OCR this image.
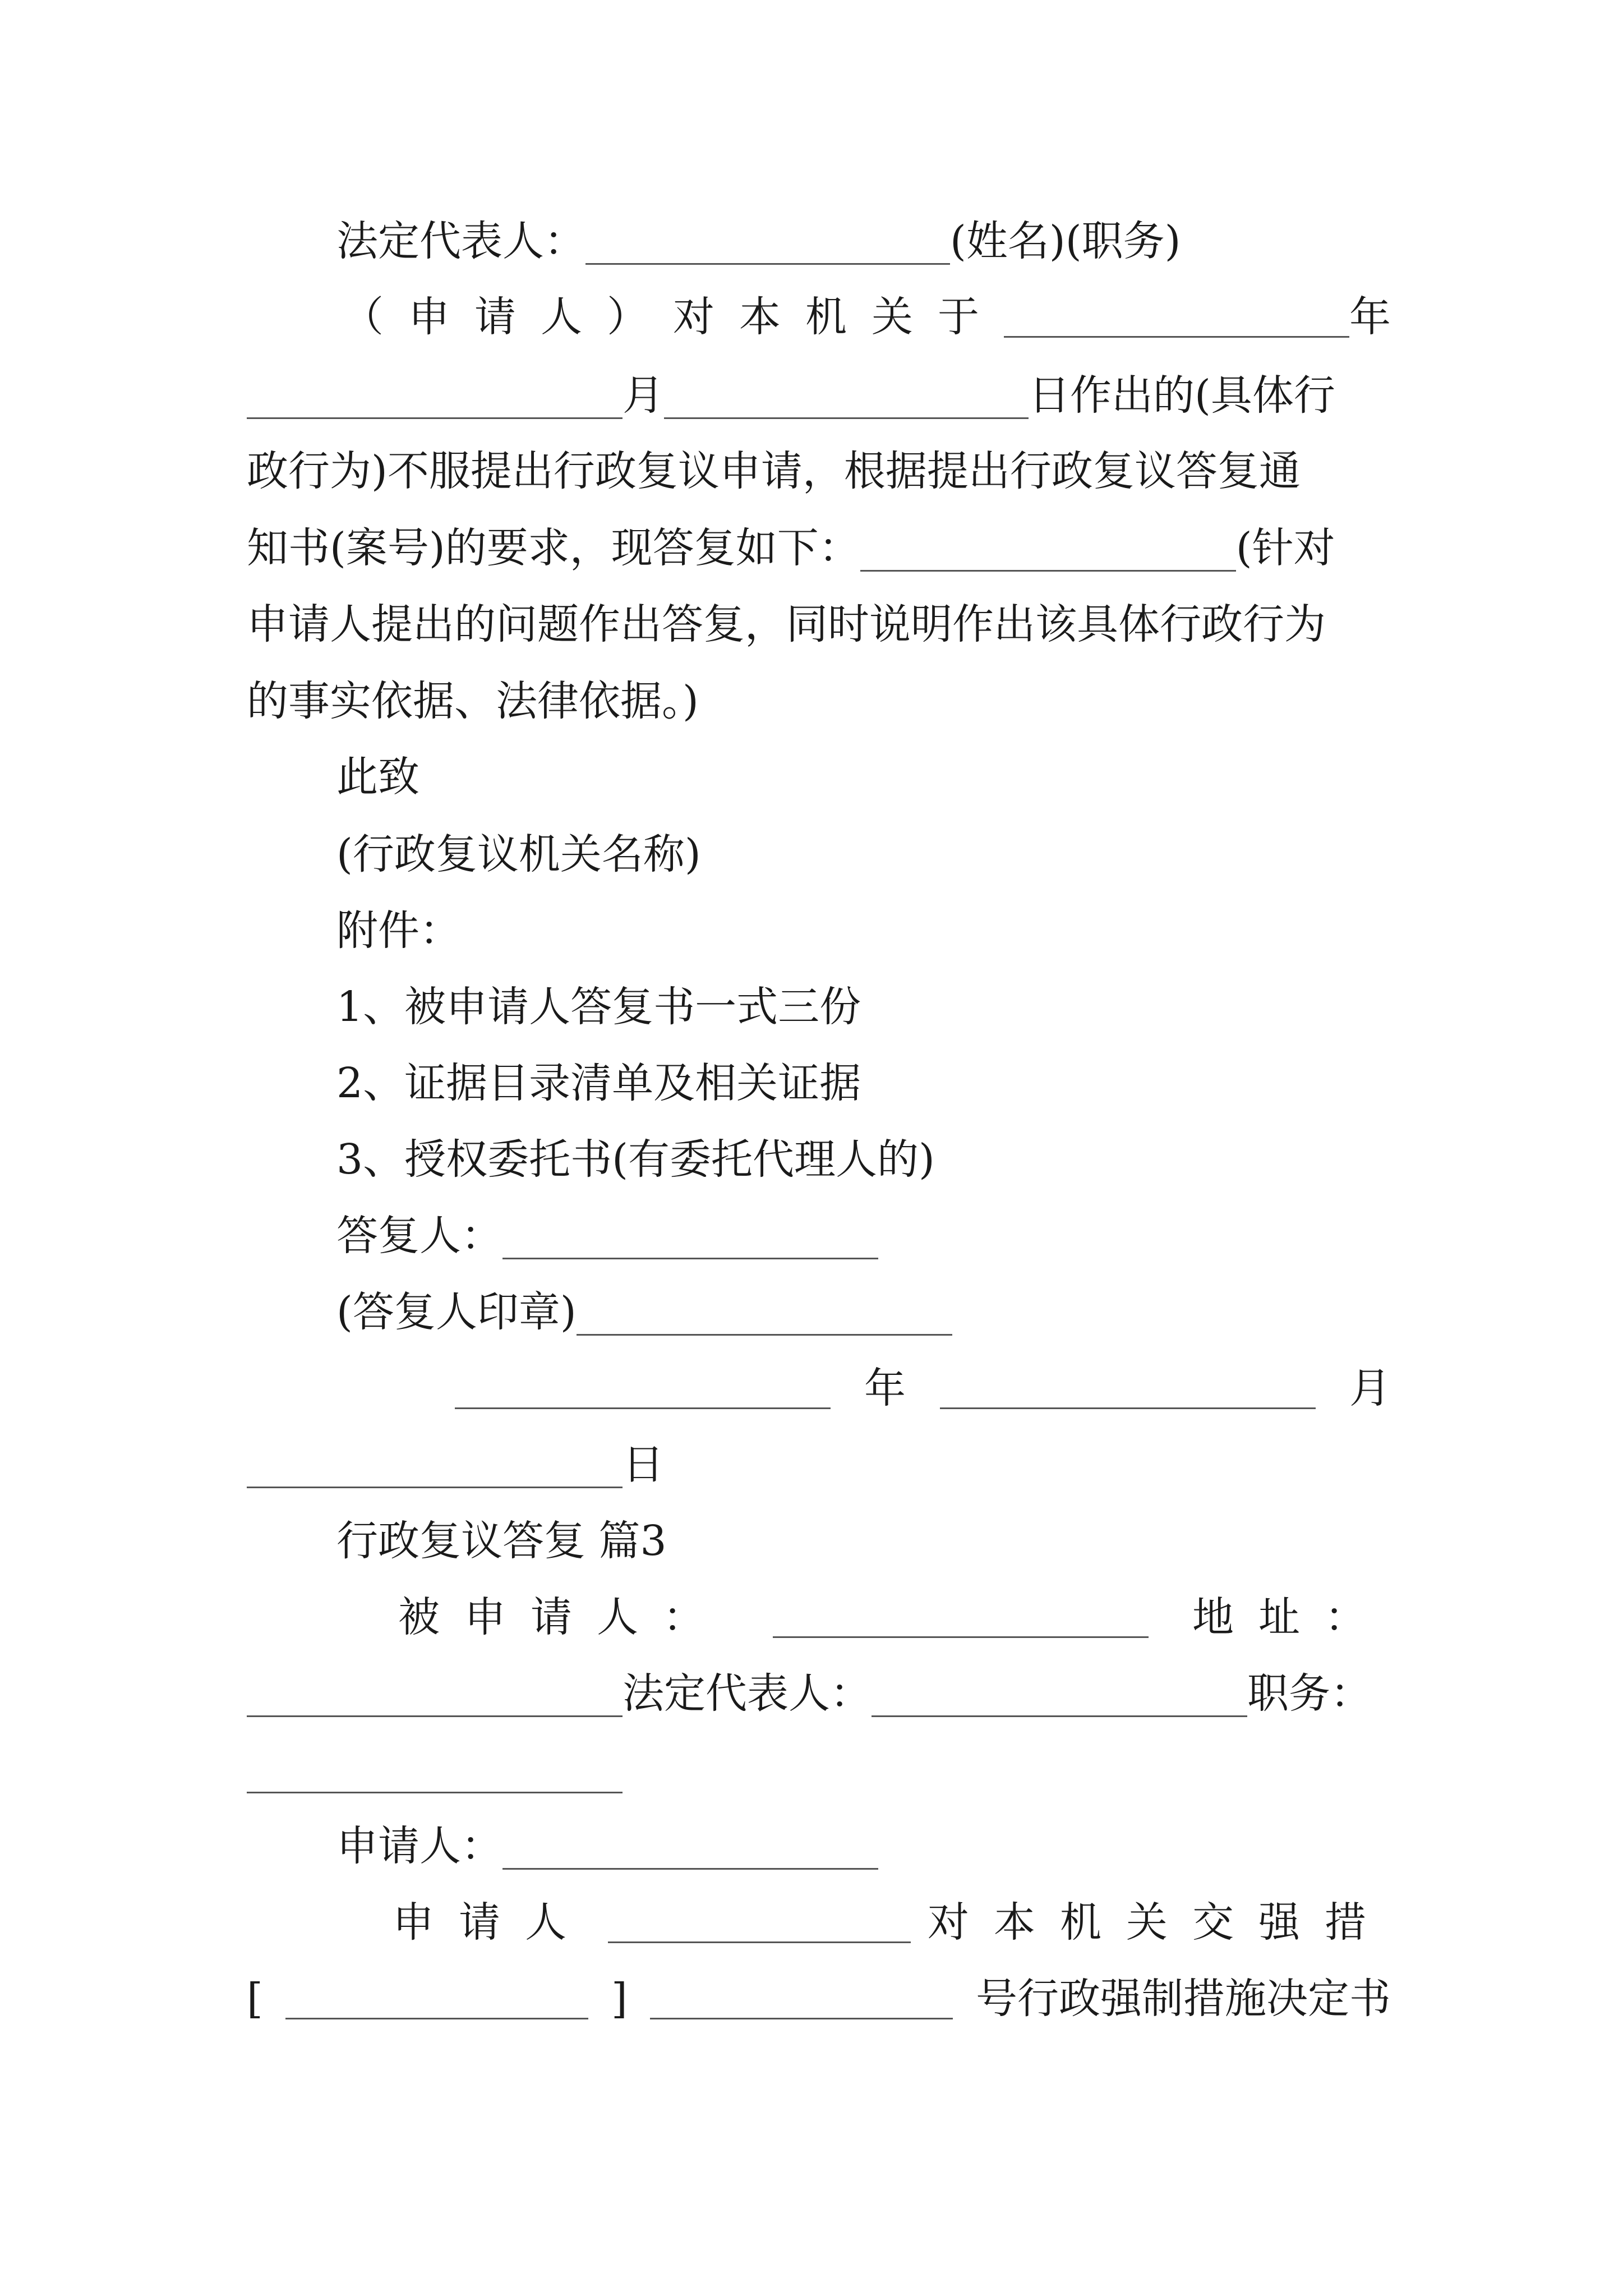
法定代表人：	(姓名)(职务)
（申请人）对本机关于	年
月	日作出的(具体行
政行为)不服提出行政复议申请，根据提出行政复议答复通
知书(案号)的要求，现答复如下：	(针对
申请人提出的问题作出答复，同时说明作出该具体行政行为
的事实依据、法律依据。)
此致
(行政复议机关名称)
附件：
1、被申请人答复书一式三份
2、证据目录清单及相关证据
3、授权委托书(有委托代理人的)
答复人：
(答复人印章)
年	月
日
行政复议答复 篇3
被申请人：	地址：
法定代表人：	职务：
申请人：
申请人	对本机关交强措
[	]	号行政强制措施决定书
